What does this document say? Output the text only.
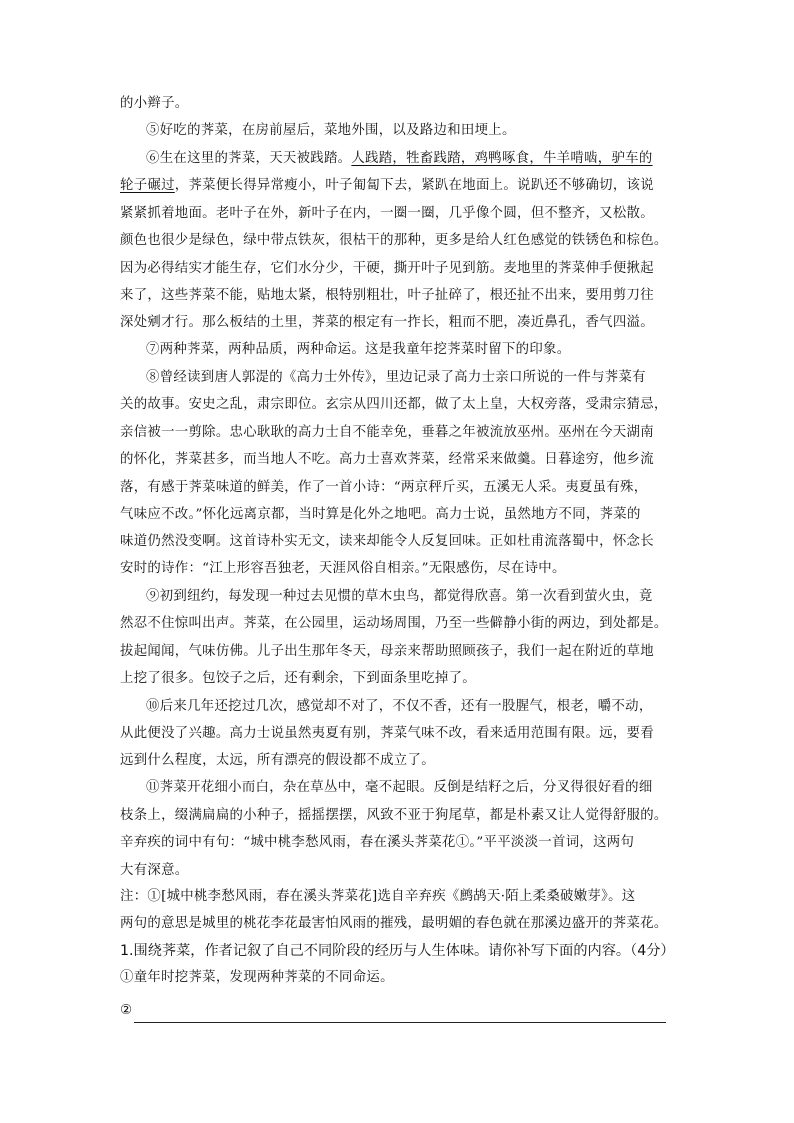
的小辫子。
⑤好吃的荠菜，在房前屋后，菜地外围，以及路边和田埂上。
⑥生在这里的荠菜，天天被践踏。人践踏，牲畜践踏，鸡鸭啄食，牛羊啃啮，驴车的
轮子碾过，荠菜便长得异常瘦小，叶子匍匐下去，紧趴在地面上。说趴还不够确切，该说
紧紧抓着地面。老叶子在外，新叶子在内，一圈一圈，几乎像个圆，但不整齐，又松散。
颜色也很少是绿色，绿中带点铁灰，很枯干的那种，更多是给人红色感觉的铁锈色和棕色。
因为必得结实才能生存，它们水分少，干硬，撕开叶子见到筋。麦地里的荠菜伸手便揪起
来了，这些荠菜不能，贴地太紧，根特别粗壮，叶子扯碎了，根还扯不出来，要用剪刀往
深处剜才行。那么板结的土里，荠菜的根定有一拃长，粗而不肥，凑近鼻孔，香气四溢。
⑦两种荠菜，两种品质，两种命运。这是我童年挖荠菜时留下的印象。
⑧曾经读到唐人郭湜的《高力士外传》，里边记录了高力士亲口所说的一件与荠菜有
关的故事。安史之乱，肃宗即位。玄宗从四川还都，做了太上皇，大权旁落，受肃宗猜忌，
亲信被一一剪除。忠心耿耿的高力士自不能幸免，垂暮之年被流放巫州。巫州在今天湖南
的怀化，荠菜甚多，而当地人不吃。高力士喜欢荠菜，经常采来做羹。日暮途穷，他乡流
落，有感于荠菜味道的鲜美，作了一首小诗：“两京秤斤买，五溪无人采。夷夏虽有殊，
气味应不改。”怀化远离京都，当时算是化外之地吧。高力士说，虽然地方不同，荠菜的
味道仍然没变啊。这首诗朴实无文，读来却能令人反复回味。正如杜甫流落蜀中，怀念长
安时的诗作：“江上形容吾独老，天涯风俗自相亲。”无限感伤，尽在诗中。
⑨初到纽约，每发现一种过去见惯的草木虫鸟，都觉得欣喜。第一次看到萤火虫，竟
然忍不住惊叫出声。荠菜，在公园里，运动场周围，乃至一些僻静小街的两边，到处都是。
拔起闻闻，气味仿佛。儿子出生那年冬天，母亲来帮助照顾孩子，我们一起在附近的草地
上挖了很多。包饺子之后，还有剩余，下到面条里吃掉了。
⑩后来几年还挖过几次，感觉却不对了，不仅不香，还有一股腥气，根老，嚼不动，
从此便没了兴趣。高力士说虽然夷夏有别，荠菜气味不改，看来适用范围有限。远，要看
远到什么程度，太远，所有漂亮的假设都不成立了。
⑪荠菜开花细小而白，杂在草丛中，毫不起眼。反倒是结籽之后，分叉得很好看的细
枝条上，缀满扁扁的小种子，摇摇摆摆，风致不亚于狗尾草，都是朴素又让人觉得舒服的。
辛弃疾的词中有句：“城中桃李愁风雨，春在溪头荠菜花①。”平平淡淡一首词，这两句
大有深意。
注：①[城中桃李愁风雨，春在溪头荠菜花]选自辛弃疾《鹧鸪天·陌上柔桑破嫩芽》。这
两句的意思是城里的桃花李花最害怕风雨的摧残，最明媚的春色就在那溪边盛开的荠菜花。
1.围绕荠菜，作者记叙了自己不同阶段的经历与人生体味。请你补写下面的内容。（4分）
①童年时挖荠菜，发现两种荠菜的不同命运。
②
